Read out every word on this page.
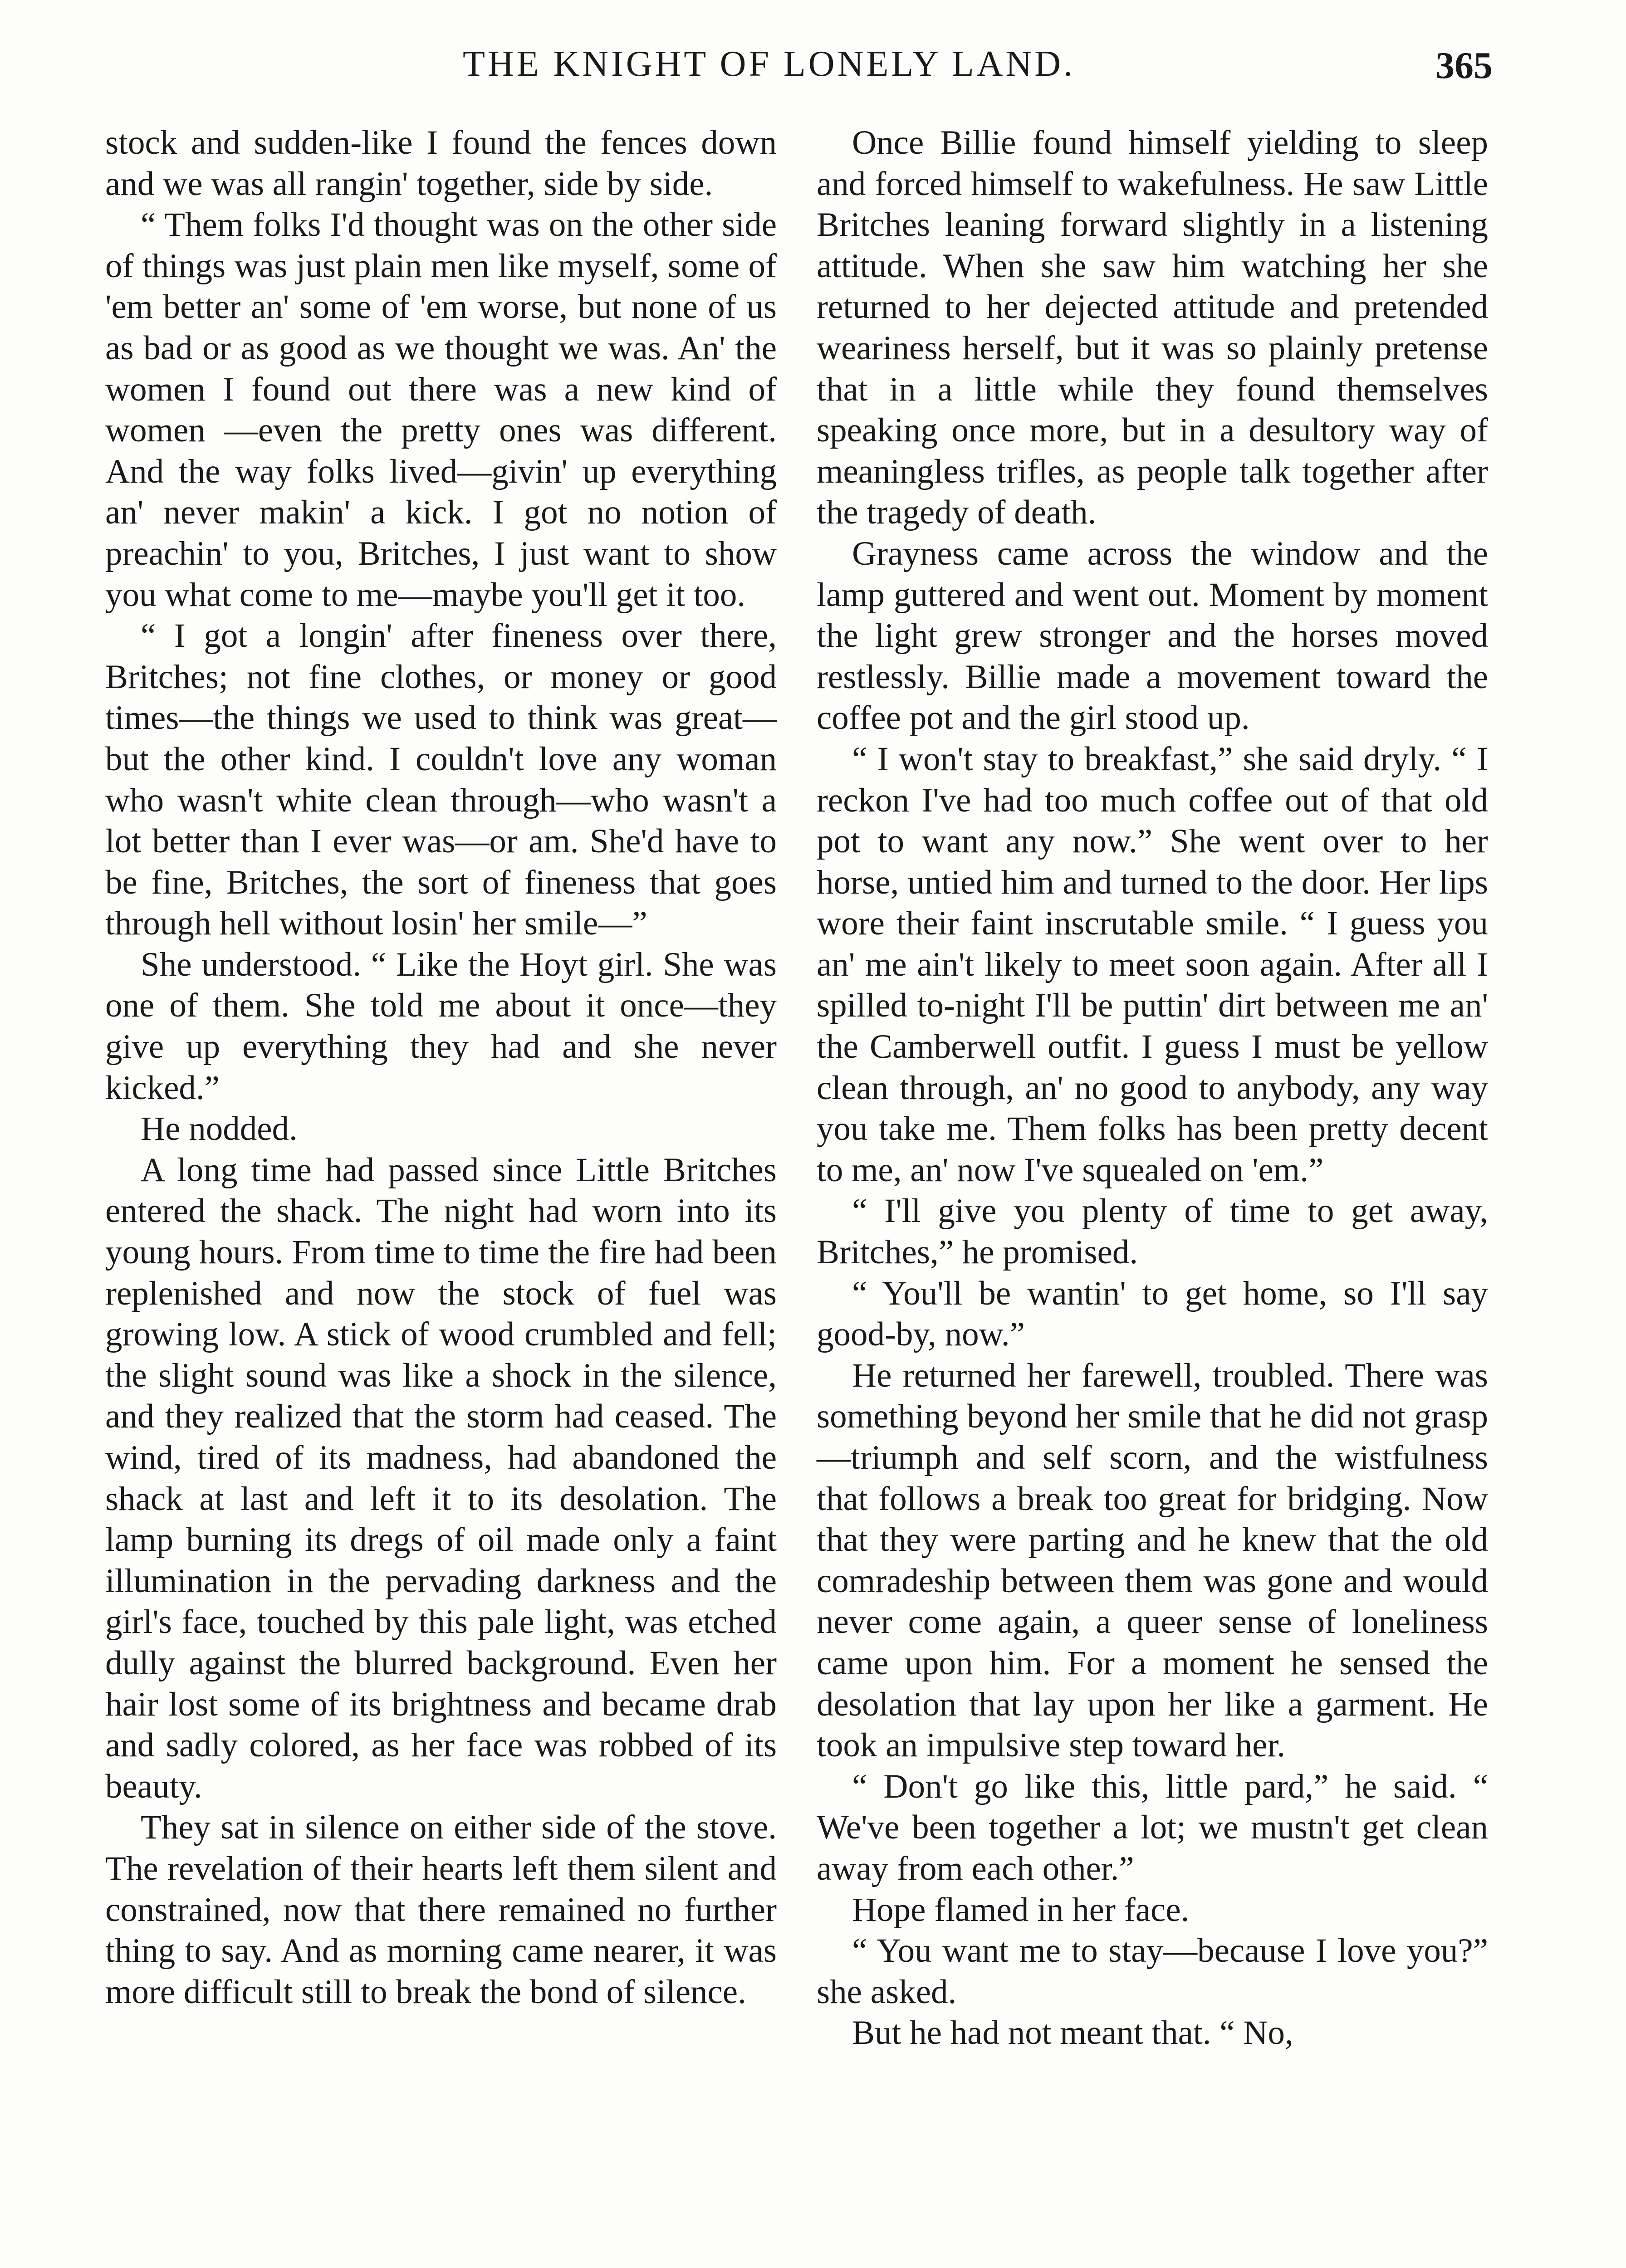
THE KNIGHT OF LONELY LAND.	365

stock and sudden-like I found the fences down and we was all rangin' together, side by side.

“ Them folks I'd thought was on the other side of things was just plain men like myself, some of 'em better an' some of 'em worse, but none of us as bad or as good as we thought we was. An' the women I found out there was a new kind of women —even the pretty ones was different. And the way folks lived—givin' up everything an' never makin' a kick. I got no notion of preachin' to you, Britches, I just want to show you what come to me—maybe you'll get it too.

“ I got a longin' after fineness over there, Britches; not fine clothes, or money or good times—the things we used to think was great—but the other kind. I couldn't love any woman who wasn't white clean through—who wasn't a lot better than I ever was—or am. She'd have to be fine, Britches, the sort of fineness that goes through hell without losin' her smile—”

She understood. “ Like the Hoyt girl. She was one of them. She told me about it once—they give up everything they had and she never kicked.”

He nodded.

A long time had passed since Little Britches entered the shack. The night had worn into its young hours. From time to time the fire had been replenished and now the stock of fuel was growing low. A stick of wood crumbled and fell; the slight sound was like a shock in the silence, and they realized that the storm had ceased. The wind, tired of its madness, had abandoned the shack at last and left it to its desolation. The lamp burning its dregs of oil made only a faint illumination in the pervading darkness and the girl's face, touched by this pale light, was etched dully against the blurred background. Even her hair lost some of its brightness and became drab and sadly colored, as her face was robbed of its beauty.

They sat in silence on either side of the stove. The revelation of their hearts left them silent and constrained, now that there remained no further thing to say. And as morning came nearer, it was more difficult still to break the bond of silence.

Once Billie found himself yielding to sleep and forced himself to wakefulness. He saw Little Britches leaning forward slightly in a listening attitude. When she saw him watching her she returned to her dejected attitude and pretended weariness herself, but it was so plainly pretense that in a little while they found themselves speaking once more, but in a desultory way of meaningless trifles, as people talk together after the tragedy of death.

Grayness came across the window and the lamp guttered and went out. Moment by moment the light grew stronger and the horses moved restlessly. Billie made a movement toward the coffee pot and the girl stood up.

“ I won't stay to breakfast,” she said dryly. “ I reckon I've had too much coffee out of that old pot to want any now.” She went over to her horse, untied him and turned to the door. Her lips wore their faint inscrutable smile. “ I guess you an' me ain't likely to meet soon again. After all I spilled to-night I'll be puttin' dirt between me an' the Camberwell outfit. I guess I must be yellow clean through, an' no good to anybody, any way you take me. Them folks has been pretty decent to me, an' now I've squealed on 'em.”

“ I'll give you plenty of time to get away, Britches,” he promised.

“ You'll be wantin' to get home, so I'll say good-by, now.”

He returned her farewell, troubled. There was something beyond her smile that he did not grasp—triumph and self scorn, and the wistfulness that follows a break too great for bridging. Now that they were parting and he knew that the old comradeship between them was gone and would never come again, a queer sense of loneliness came upon him. For a moment he sensed the desolation that lay upon her like a garment. He took an impulsive step toward her.

“ Don't go like this, little pard,” he said. “ We've been together a lot; we mustn't get clean away from each other.”

Hope flamed in her face.

“ You want me to stay—because I love you?” she asked.

But he had not meant that. “ No,
